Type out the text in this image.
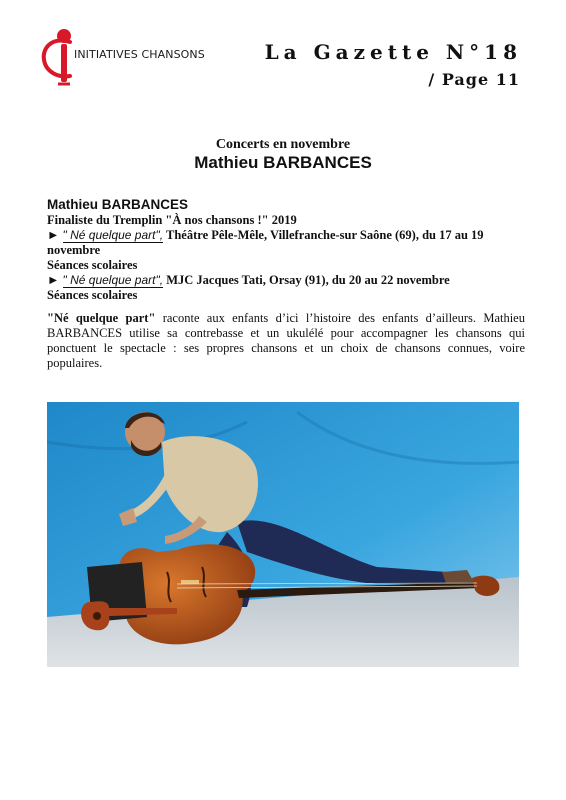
INITIATIVES CHANSONS	La Gazette N°18
/ Page 11
Concerts en novembre
Mathieu BARBANCES

Mathieu BARBANCES

Finaliste du Tremplin "À nos chansons !" 2019

► " Né quelque part", Théâtre Pêle-Mêle, Villefranche-sur Saône (69), du 17 au 19 novembre

Séances scolaires

► " Né quelque part", MJC Jacques Tati, Orsay (91), du 20 au 22 novembre

Séances scolaires

"Né quelque part" raconte aux enfants d’ici l’histoire des enfants d’ailleurs. Mathieu BARBANCES utilise sa contrebasse et un ukulélé pour accompagner les chansons qui ponctuent le spectacle : ses propres chansons et un choix de chansons connues, voire populaires.
